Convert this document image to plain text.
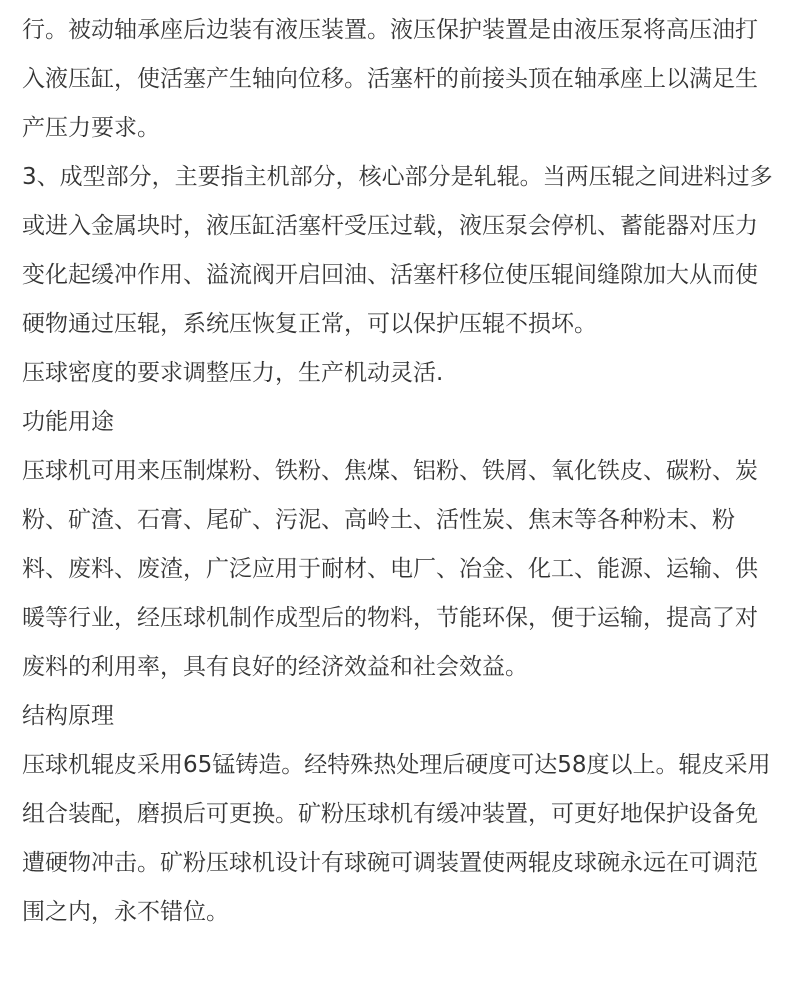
行。被动轴承座后边装有液压装置。液压保护装置是由液压泵将高压油打入液压缸，使活塞产生轴向位移。活塞杆的前接头顶在轴承座上以满足生产压力要求。

3、成型部分，主要指主机部分，核心部分是轧辊。当两压辊之间进料过多或进入金属块时，液压缸活塞杆受压过载，液压泵会停机、蓄能器对压力变化起缓冲作用、溢流阀开启回油、活塞杆移位使压辊间缝隙加大从而使硬物通过压辊，系统压恢复正常，可以保护压辊不损坏。

压球密度的要求调整压力，生产机动灵活.

功能用途

压球机可用来压制煤粉、铁粉、焦煤、铝粉、铁屑、氧化铁皮、碳粉、炭粉、矿渣、石膏、尾矿、污泥、高岭土、活性炭、焦末等各种粉末、粉料、废料、废渣，广泛应用于耐材、电厂、冶金、化工、能源、运输、供暖等行业，经压球机制作成型后的物料，节能环保，便于运输，提高了对废料的利用率，具有良好的经济效益和社会效益。

结构原理

压球机辊皮采用65锰铸造。经特殊热处理后硬度可达58度以上。辊皮采用组合装配，磨损后可更换。矿粉压球机有缓冲装置，可更好地保护设备免遭硬物冲击。矿粉压球机设计有球碗可调装置使两辊皮球碗永远在可调范围之内，永不错位。
